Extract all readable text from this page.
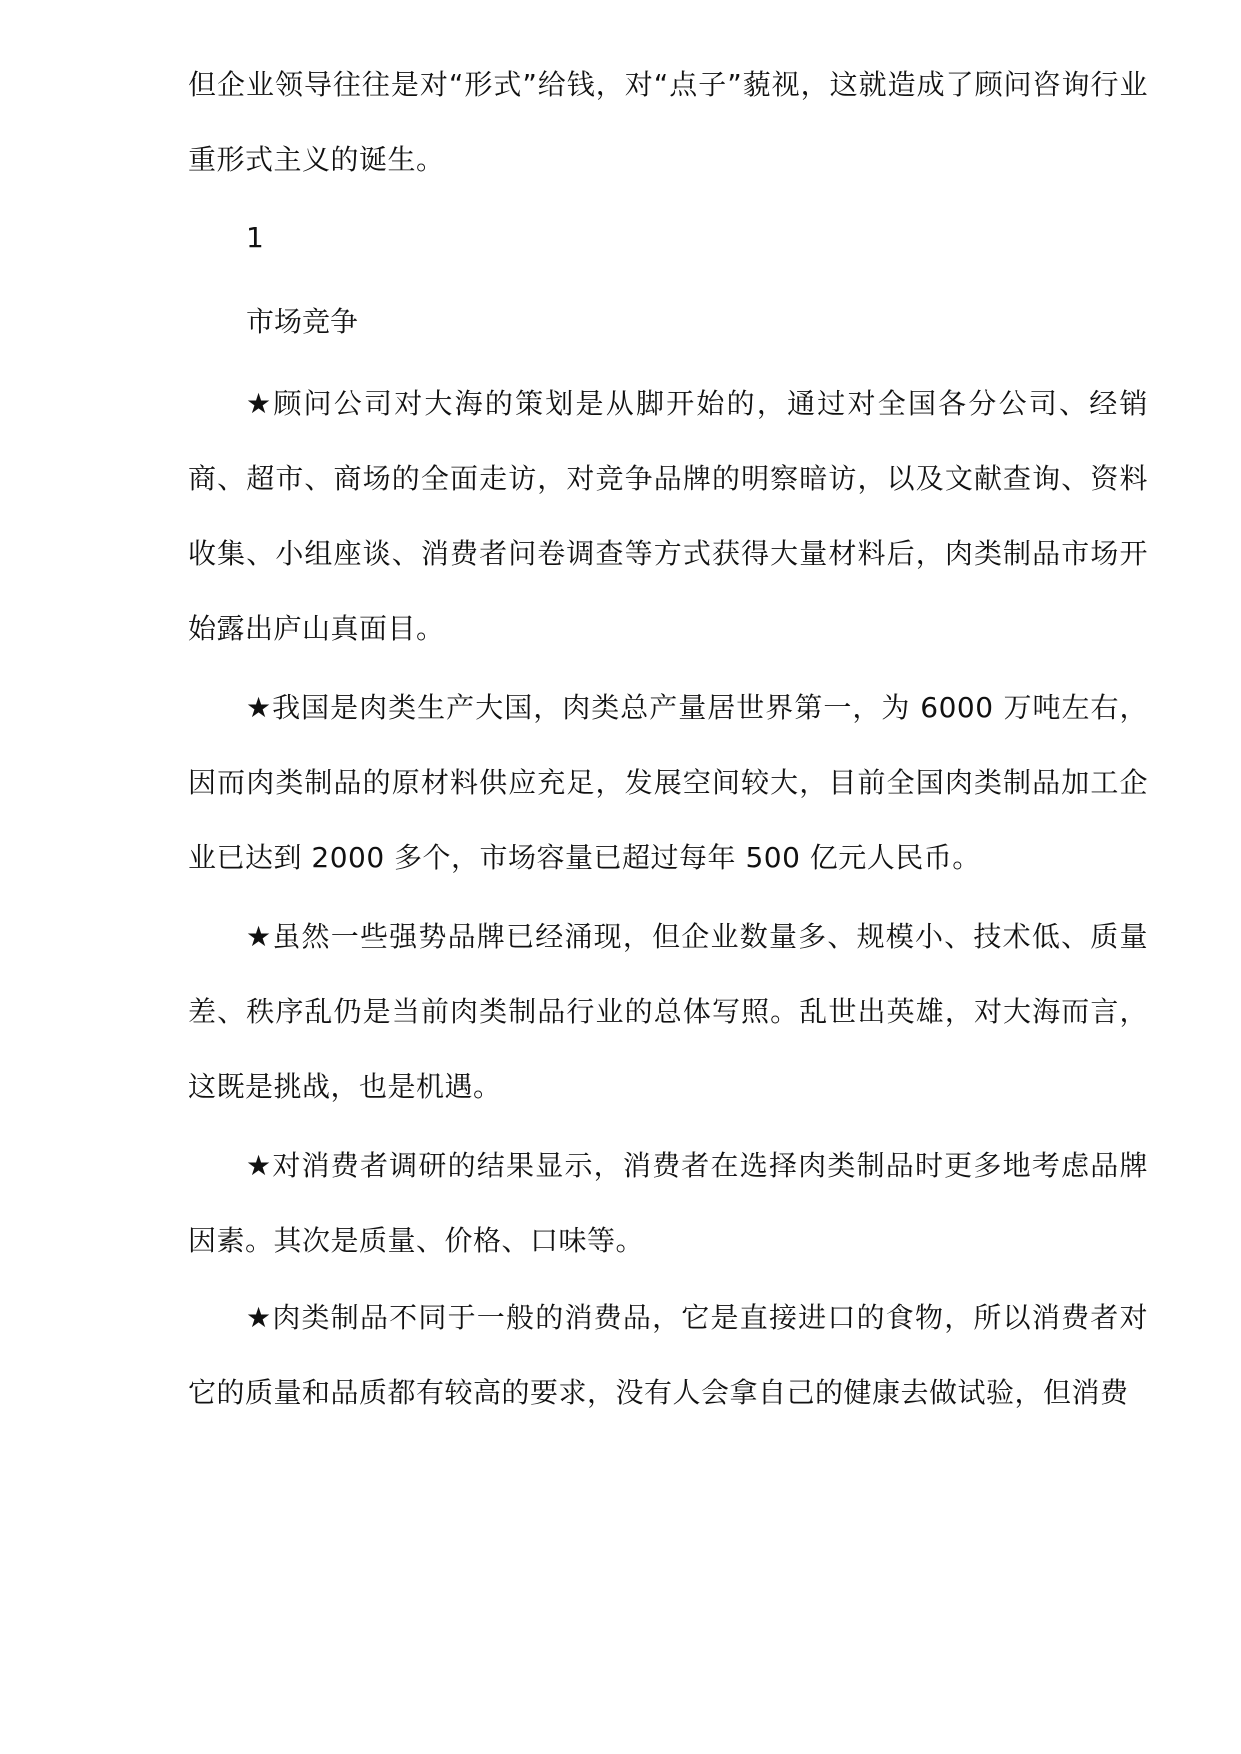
但企业领导往往是对“形式”给钱，对“点子”藐视，这就造成了顾问咨询行业重形式主义的诞生。

1

市场竞争

★顾问公司对大海的策划是从脚开始的，通过对全国各分公司、经销商、超市、商场的全面走访，对竞争品牌的明察暗访，以及文献查询、资料收集、小组座谈、消费者问卷调查等方式获得大量材料后，肉类制品市场开始露出庐山真面目。

★我国是肉类生产大国，肉类总产量居世界第一，为 6000 万吨左右，因而肉类制品的原材料供应充足，发展空间较大，目前全国肉类制品加工企业已达到 2000 多个，市场容量已超过每年 500 亿元人民币。

★虽然一些强势品牌已经涌现，但企业数量多、规模小、技术低、质量差、秩序乱仍是当前肉类制品行业的总体写照。乱世出英雄，对大海而言，这既是挑战，也是机遇。

★对消费者调研的结果显示，消费者在选择肉类制品时更多地考虑品牌因素。其次是质量、价格、口味等。

★肉类制品不同于一般的消费品，它是直接进口的食物，所以消费者对它的质量和品质都有较高的要求，没有人会拿自己的健康去做试验，但消费
